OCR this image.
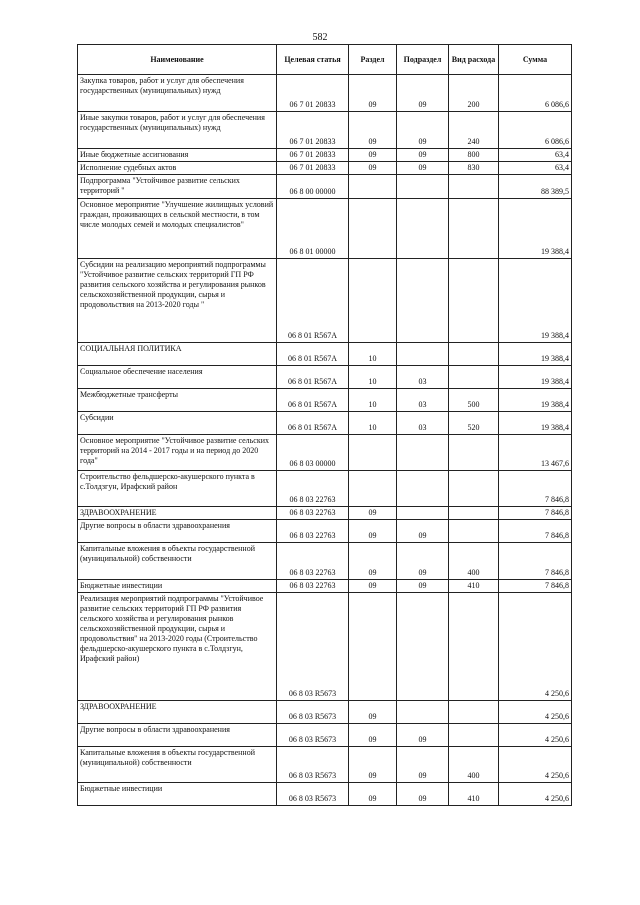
582
Наименование	Целевая статья	Раздел	Подраздел	Вид расхода	Сумма
Закупка товаров, работ и услуг для обеспечения государственных (муниципальных) нужд	06 7 01 20833	09	09	200	6 086,6
Иные закупки товаров, работ и услуг для обеспечения государственных (муниципальных) нужд	06 7 01 20833	09	09	240	6 086,6
Иные бюджетные ассигнования	06 7 01 20833	09	09	800	63,4
Исполнение судебных актов	06 7 01 20833	09	09	830	63,4
Подпрограмма "Устойчивое развитие сельских территорий "	06 8 00 00000				88 389,5
Основное мероприятие "Улучшение жилищных условий граждан, проживающих в сельской местности, в том числе молодых семей и молодых специалистов"	06 8 01 00000				19 388,4
Субсидии на реализацию мероприятий подпрограммы "Устойчивое развитие сельских территорий ГП РФ развития сельского хозяйства и регулирования рынков сельскохозяйственной продукции, сырья и продовольствия на 2013-2020 годы "	06 8 01 R567A				19 388,4
СОЦИАЛЬНАЯ ПОЛИТИКА	06 8 01 R567A	10			19 388,4
Социальное обеспечение населения	06 8 01 R567A	10	03		19 388,4
Межбюджетные трансферты	06 8 01 R567A	10	03	500	19 388,4
Субсидии	06 8 01 R567A	10	03	520	19 388,4
Основное мероприятие "Устойчивое развитие сельских территорий на 2014 - 2017 годы и на период до 2020 года"	06 8 03 00000				13 467,6
Строительство фельдшерско-акушерского пункта в с.Толдзгун, Ирафский район	06 8 03 22763				7 846,8
ЗДРАВООХРАНЕНИЕ	06 8 03 22763	09			7 846,8
Другие вопросы в области здравоохранения	06 8 03 22763	09	09		7 846,8
Капитальные вложения в объекты государственной (муниципальной) собственности	06 8 03 22763	09	09	400	7 846,8
Бюджетные инвестиции	06 8 03 22763	09	09	410	7 846,8
Реализация мероприятий подпрограммы "Устойчивое развитие сельских территорий ГП РФ развития сельского хозяйства и регулирования рынков сельскохозяйственной продукции, сырья и продовольствия" на 2013-2020 годы (Строительство фельдшерско-акушерского пункта в с.Толдзгун, Ирафский район)	06 8 03 R5673				4 250,6
ЗДРАВООХРАНЕНИЕ	06 8 03 R5673	09			4 250,6
Другие вопросы в области здравоохранения	06 8 03 R5673	09	09		4 250,6
Капитальные вложения в объекты государственной (муниципальной) собственности	06 8 03 R5673	09	09	400	4 250,6
Бюджетные инвестиции	06 8 03 R5673	09	09	410	4 250,6
